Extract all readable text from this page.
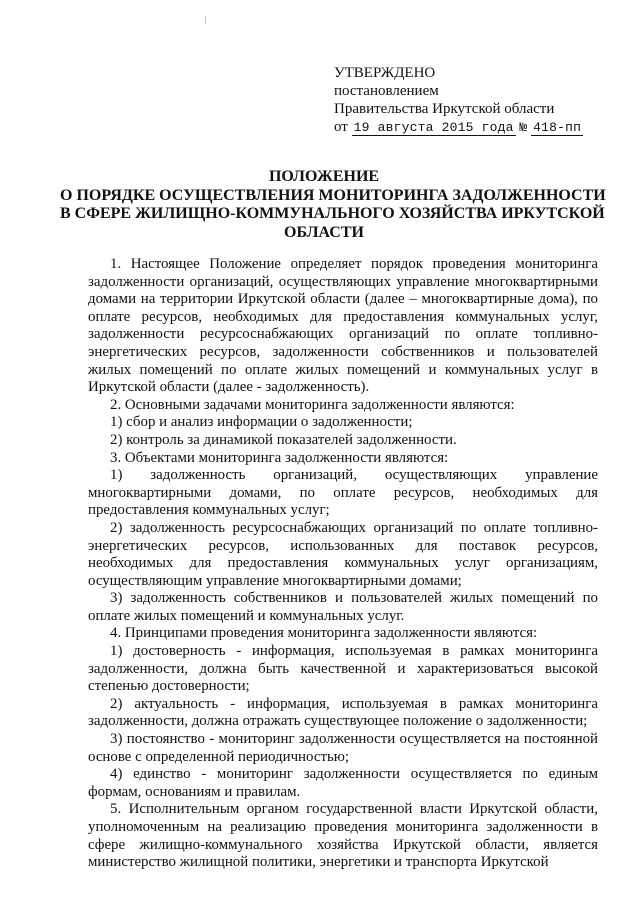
УТВЕРЖДЕНО
постановлением
Правительства Иркутской области
от 19 августа 2015 года № 418-пп
ПОЛОЖЕНИЕ
О ПОРЯДКЕ ОСУЩЕСТВЛЕНИЯ МОНИТОРИНГА ЗАДОЛЖЕННОСТИ
В СФЕРЕ ЖИЛИЩНО-КОММУНАЛЬНОГО ХОЗЯЙСТВА ИРКУТСКОЙ
ОБЛАСТИ

1. Настоящее Положение определяет порядок проведения мониторинга задолженности организаций, осуществляющих управление многоквартирными домами на территории Иркутской области (далее – многоквартирные дома), по оплате ресурсов, необходимых для предоставления коммунальных услуг, задолженности ресурсоснабжающих организаций по оплате топливно-энергетических ресурсов, задолженности собственников и пользователей жилых помещений по оплате жилых помещений и коммунальных услуг в Иркутской области (далее - задолженность).

2. Основными задачами мониторинга задолженности являются:

1) сбор и анализ информации о задолженности;

2) контроль за динамикой показателей задолженности.

3. Объектами мониторинга задолженности являются:

1) задолженность организаций, осуществляющих управление многоквартирными домами, по оплате ресурсов, необходимых для предоставления коммунальных услуг;

2) задолженность ресурсоснабжающих организаций по оплате топливно-энергетических ресурсов, использованных для поставок ресурсов, необходимых для предоставления коммунальных услуг организациям, осуществляющим управление многоквартирными домами;

3) задолженность собственников и пользователей жилых помещений по оплате жилых помещений и коммунальных услуг.

4. Принципами проведения мониторинга задолженности являются:

1) достоверность - информация, используемая в рамках мониторинга задолженности, должна быть качественной и характеризоваться высокой степенью достоверности;

2) актуальность - информация, используемая в рамках мониторинга задолженности, должна отражать существующее положение о задолженности;

3) постоянство - мониторинг задолженности осуществляется на постоянной основе с определенной периодичностью;

4) единство - мониторинг задолженности осуществляется по единым формам, основаниям и правилам.

5. Исполнительным органом государственной власти Иркутской области, уполномоченным на реализацию проведения мониторинга задолженности в сфере жилищно-коммунального хозяйства Иркутской области, является министерство жилищной политики, энергетики и транспорта Иркутской
